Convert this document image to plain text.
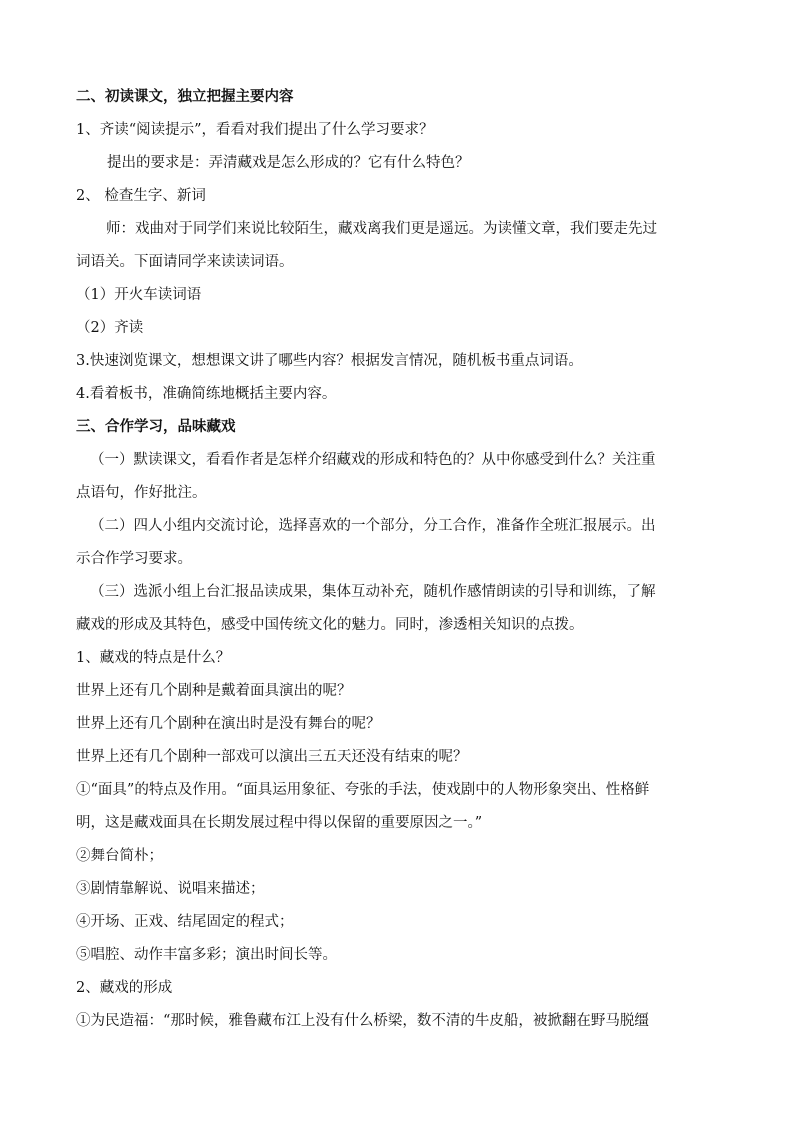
二、初读课文，独立把握主要内容
1、齐读“阅读提示”，看看对我们提出了什么学习要求？
提出的要求是：弄清藏戏是怎么形成的？它有什么特色？
2、 检查生字、新词
师：戏曲对于同学们来说比较陌生，藏戏离我们更是遥远。为读懂文章，我们要走先过
词语关。下面请同学来读读词语。
（1）开火车读词语
（2）齐读
3.快速浏览课文，想想课文讲了哪些内容？根据发言情况，随机板书重点词语。
4.看着板书，准确简练地概括主要内容。
三、合作学习，品味藏戏
（一）默读课文，看看作者是怎样介绍藏戏的形成和特色的？从中你感受到什么？关注重
点语句，作好批注。
（二）四人小组内交流讨论，选择喜欢的一个部分，分工合作，准备作全班汇报展示。出
示合作学习要求。
（三）选派小组上台汇报品读成果，集体互动补充，随机作感情朗读的引导和训练，了解
藏戏的形成及其特色，感受中国传统文化的魅力。同时，渗透相关知识的点拨。
1、藏戏的特点是什么？
世界上还有几个剧种是戴着面具演出的呢？
世界上还有几个剧种在演出时是没有舞台的呢？
世界上还有几个剧种一部戏可以演出三五天还没有结束的呢？
①“面具”的特点及作用。“面具运用象征、夸张的手法，使戏剧中的人物形象突出、性格鲜
明，这是藏戏面具在长期发展过程中得以保留的重要原因之一。”
②舞台简朴；
③剧情靠解说、说唱来描述；
④开场、正戏、结尾固定的程式；
⑤唱腔、动作丰富多彩；演出时间长等。
2、藏戏的形成
①为民造福：“那时候，雅鲁藏布江上没有什么桥梁，数不清的牛皮船，被掀翻在野马脱缰
